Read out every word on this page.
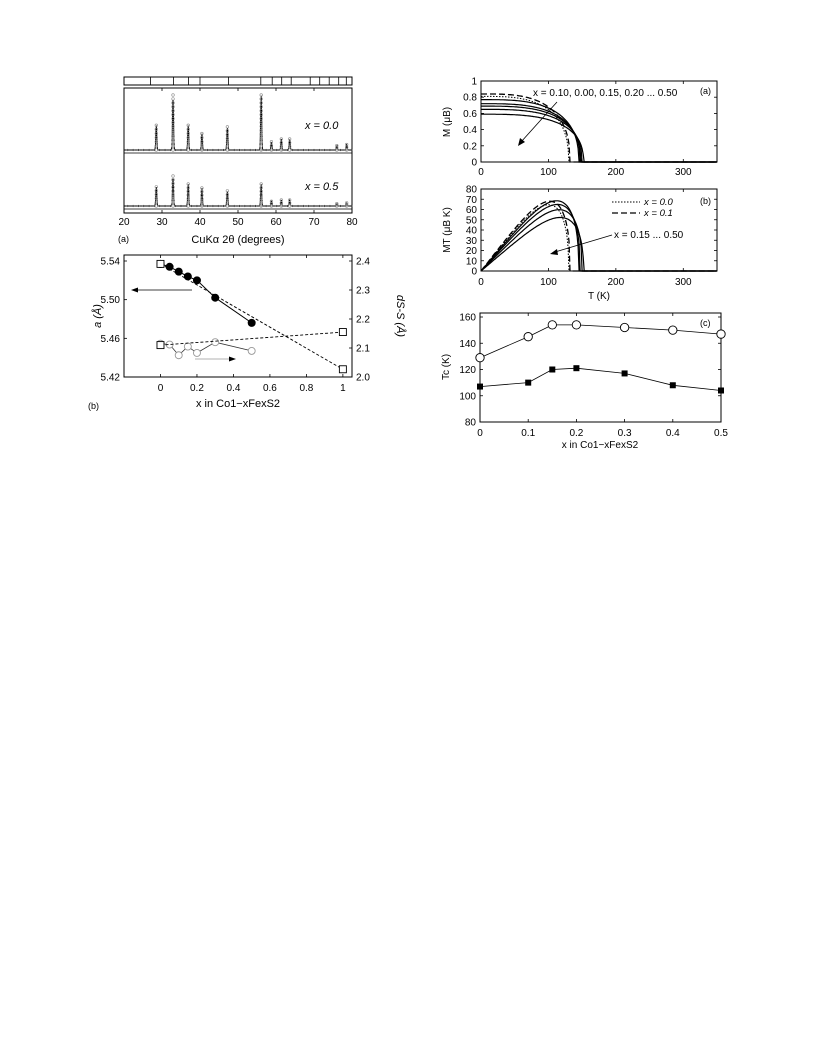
x = 0.0
x = 0.5
20	30	40	50	60	70	80
(a)	CuKα 2θ (degrees)
0	0.2 0.4 0.6 0.8	1
5.42
5.46
5.50
5.54
2.0
2.1
2.2
2.3
2.4
a (Å)	dS-S (Å)
(b)	x in Co1−xFexS2
0	100	200	300
0
0.2
0.4
0.6
0.8
1
(a)
x = 0.10, 0.00, 0.15, 0.20 ... 0.50
M (μB)
0	100	200	300
0
10
20
30
40
50
60
70
80
(b)
x = 0.0
x = 0.1
x = 0.15 ... 0.50
MT (μB K)
T (K)
0	0.1	0.2	0.3	0.4	0.5
80
100
120
140
160	(c)
Tc (K)
x in Co1−xFexS2
